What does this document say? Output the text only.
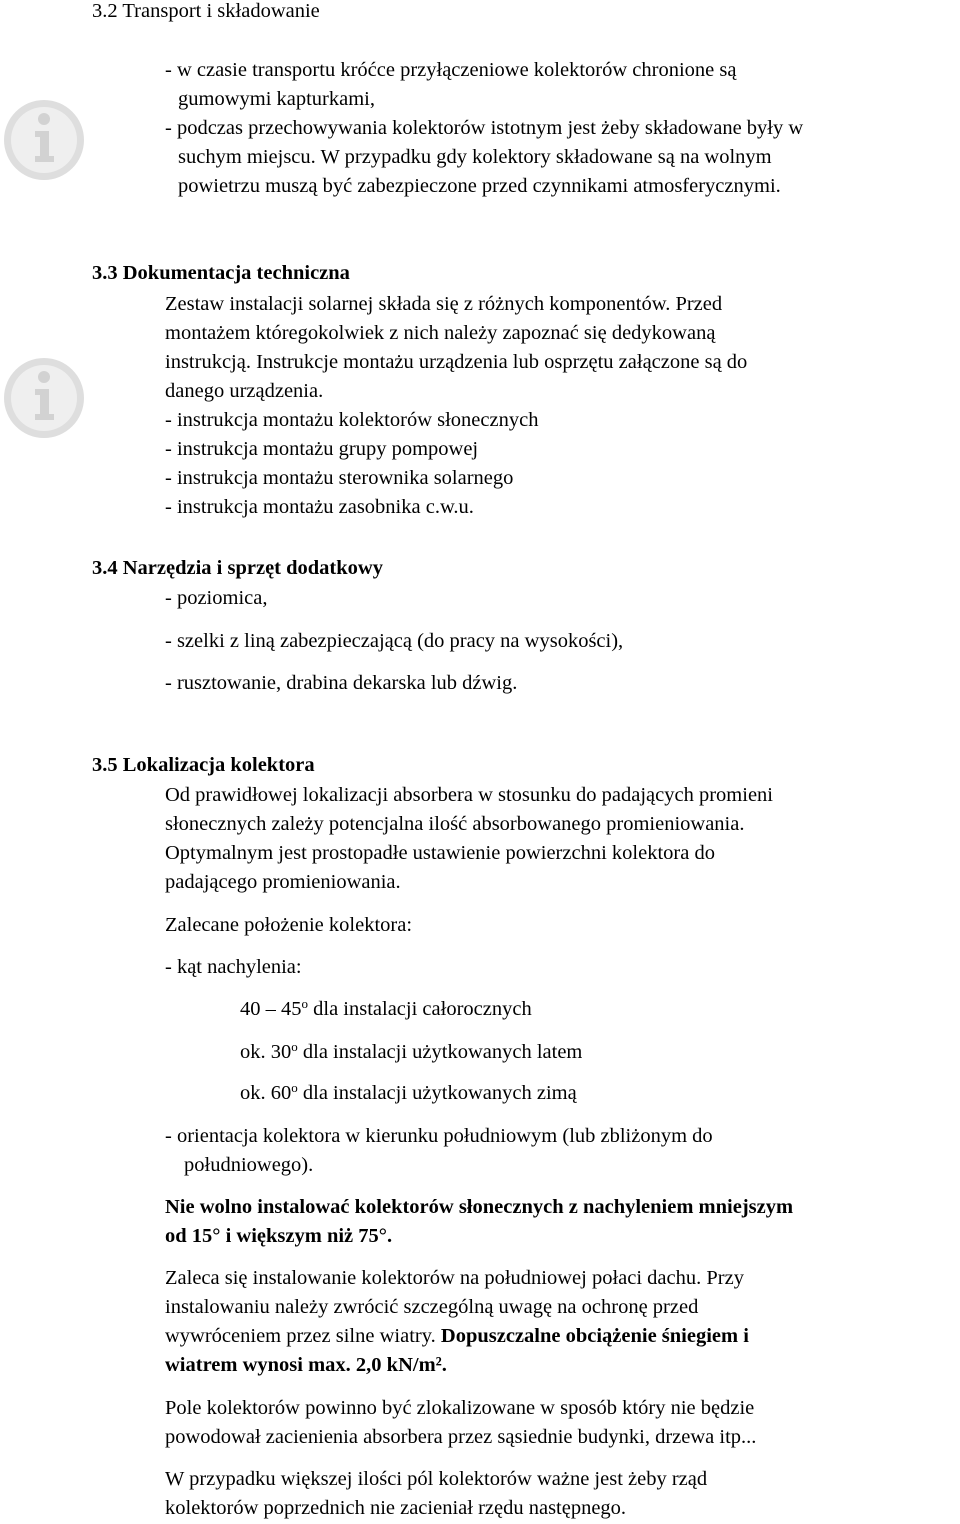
3.2 Transport i składowanie
- w czasie transportu króćce przyłączeniowe kolektorów chronione są
gumowymi kapturkami,
- podczas przechowywania kolektorów istotnym jest żeby składowane były w
suchym miejscu. W przypadku gdy kolektory składowane są na wolnym
powietrzu muszą być zabezpieczone przed czynnikami atmosferycznymi.
3.3 Dokumentacja techniczna
Zestaw instalacji solarnej składa się z różnych komponentów. Przed
montażem któregokolwiek z nich należy zapoznać się dedykowaną
instrukcją. Instrukcje montażu urządzenia lub osprzętu załączone są do
danego urządzenia.
- instrukcja montażu kolektorów słonecznych
- instrukcja montażu grupy pompowej
- instrukcja montażu sterownika solarnego
- instrukcja montażu zasobnika c.w.u.
3.4 Narzędzia i sprzęt dodatkowy
- poziomica,
- szelki z liną zabezpieczającą (do pracy na wysokości),
- rusztowanie, drabina dekarska lub dźwig.
3.5 Lokalizacja kolektora
Od prawidłowej lokalizacji absorbera w stosunku do padających promieni
słonecznych zależy potencjalna ilość absorbowanego promieniowania.
Optymalnym jest prostopadłe ustawienie powierzchni kolektora do
padającego promieniowania.
Zalecane położenie kolektora:
- kąt nachylenia:
40 – 45$^o$ dla instalacji całorocznych
ok. 30$^o$ dla instalacji użytkowanych latem
ok. 60$^o$ dla instalacji użytkowanych zimą
- orientacja kolektora w kierunku południowym (lub zbliżonym do
południowego).
Nie wolno instalować kolektorów słonecznych z nachyleniem mniejszym
od 15° i większym niż 75°.
Zaleca się instalowanie kolektorów na południowej połaci dachu. Przy
instalowaniu należy zwrócić szczególną uwagę na ochronę przed
wywróceniem przez silne wiatry. Dopuszczalne obciążenie śniegiem i
wiatrem wynosi max. 2,0 kN/m².
Pole kolektorów powinno być zlokalizowane w sposób który nie będzie
powodował zacienienia absorbera przez sąsiednie budynki, drzewa itp...
W przypadku większej ilości pól kolektorów ważne jest żeby rząd
kolektorów poprzednich nie zacieniał rzędu następnego.
